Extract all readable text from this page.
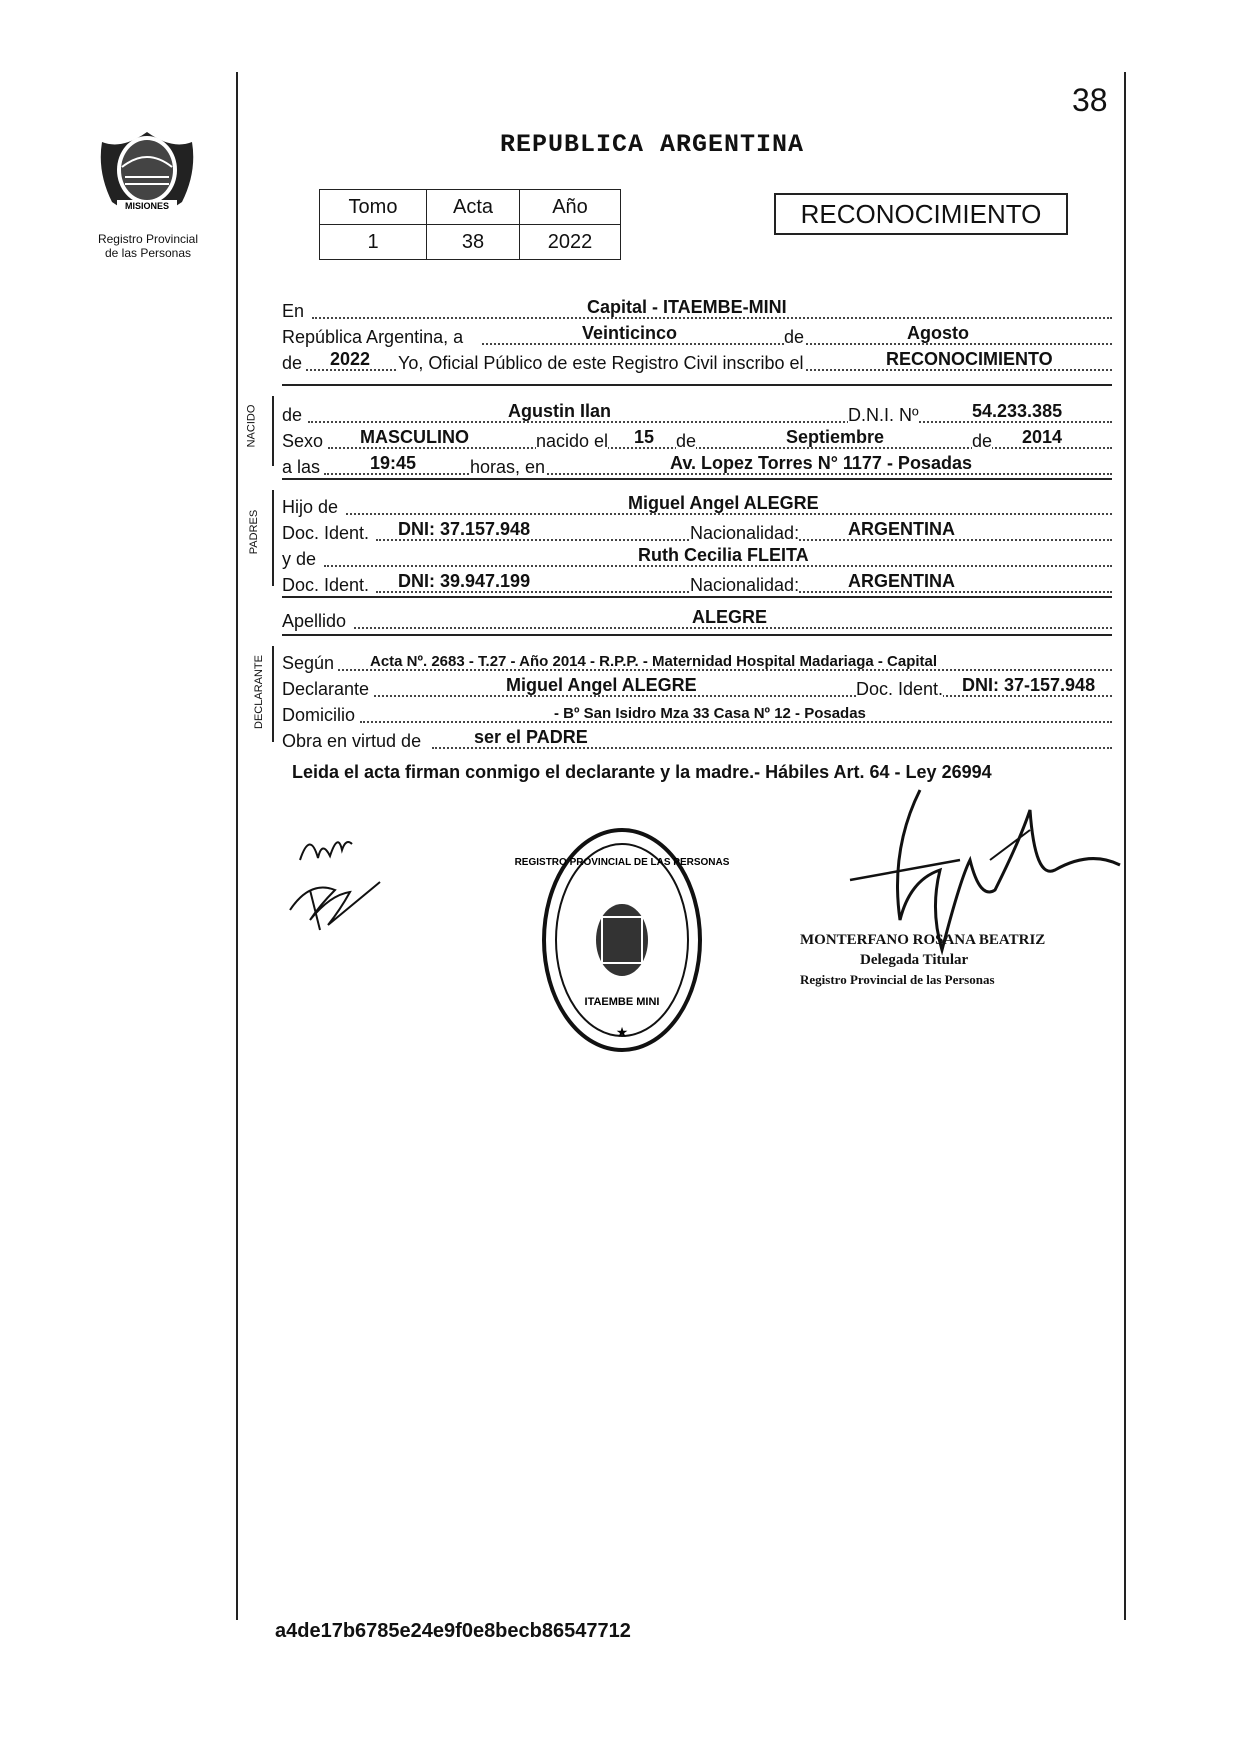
38
REPUBLICA ARGENTINA
MISIONES
PROVINCIA DE
Registro Provincial
de las Personas
Tomo	Acta	Año
1	38	2022
RECONOCIMIENTO
En	Capital - ITAEMBE-MINI
República Argentina, a	Veinticinco	de	Agosto
de 2022 Yo, Oficial Público de este Registro Civil inscribo el	RECONOCIMIENTO
NACIDO de	Agustin Ilan	D.N.I. Nº	54.233.385
Sexo MASCULINO	nacido el 15 de	Septiembre	de 2014
a las	19:45	horas, en	Av. Lopez Torres N° 1177 - Posadas
PADRES
Hijo de	Miguel Angel ALEGRE
Doc. Ident. DNI: 37.157.948	Nacionalidad:	ARGENTINA
y de	Ruth Cecilia FLEITA
Doc. Ident. DNI: 39.947.199	Nacionalidad:	ARGENTINA
Apellido	ALEGRE
DECLARANTE Según Acta Nº. 2683 - T.27 - Año 2014 - R.P.P. - Maternidad Hospital Madariaga - Capital
Declarante	Miguel Angel ALEGRE	Doc. Ident. DNI: 37-157.948
Domicilio	- Bº San Isidro Mza 33 Casa Nº 12 - Posadas
Obra en virtud de	ser el PADRE
Leida el acta firman conmigo el declarante y la madre.- Hábiles Art. 64 - Ley 26994
REGISTRO PROVINCIAL DE LAS PERSONAS
ITAEMBE MINI
★
MONTERFANO ROSANA BEATRIZ
Delegada Titular
Registro Provincial de las Personas
a4de17b6785e24e9f0e8becb86547712
